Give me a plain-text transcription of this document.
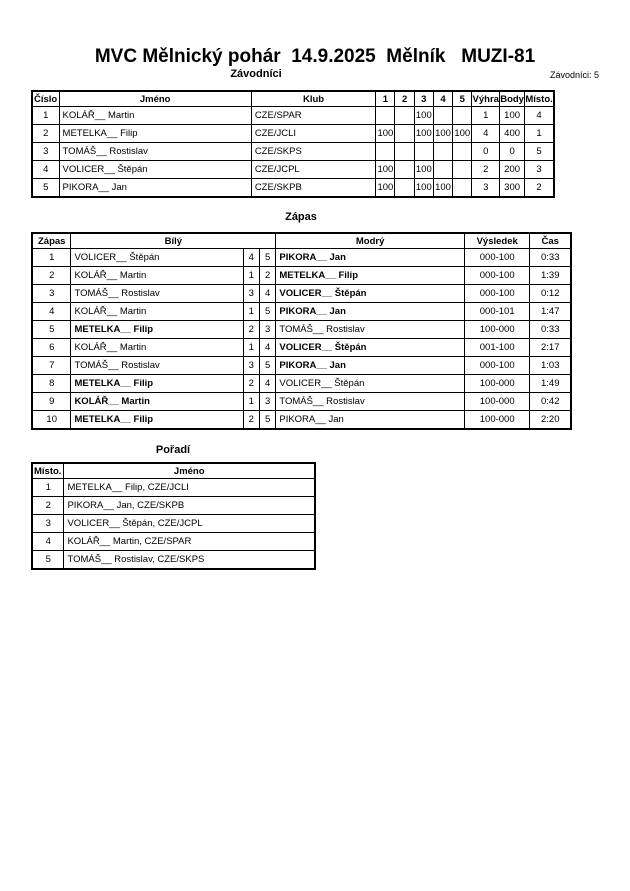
MVC Mělnický pohár  14.9.2025  Mělník   MUZI-81
Závodníci	Závodníci: 5
Číslo	Jméno	Klub	1	2	3	4	5	Výhra	Body	Místo.
1	KOLÁŘ__ Martin	CZE/SPAR			100			1	100	4
2	METELKA__ Filip	CZE/JCLI	100		100	100	100	4	400	1
3	TOMÁŠ__ Rostislav	CZE/SKPS						0	0	5
4	VOLICER__ Štěpán	CZE/JCPL	100		100			2	200	3
5	PIKORA__ Jan	CZE/SKPB	100		100	100		3	300	2
Zápas
Zápas	Bílý			Modrý	Výsledek	Čas
1	VOLICER__ Štěpán	4	5	PIKORA__ Jan	000-100	0:33
2	KOLÁŘ__ Martin	1	2	METELKA__ Filip	000-100	1:39
3	TOMÁŠ__ Rostislav	3	4	VOLICER__ Štěpán	000-100	0:12
4	KOLÁŘ__ Martin	1	5	PIKORA__ Jan	000-101	1:47
5	METELKA__ Filip	2	3	TOMÁŠ__ Rostislav	100-000	0:33
6	KOLÁŘ__ Martin	1	4	VOLICER__ Štěpán	001-100	2:17
7	TOMÁŠ__ Rostislav	3	5	PIKORA__ Jan	000-100	1:03
8	METELKA__ Filip	2	4	VOLICER__ Štěpán	100-000	1:49
9	KOLÁŘ__ Martin	1	3	TOMÁŠ__ Rostislav	100-000	0:42
10	METELKA__ Filip	2	5	PIKORA__ Jan	100-000	2:20
Pořadí
Místo.	Jméno
1	METELKA__ Filip, CZE/JCLI
2	PIKORA__ Jan, CZE/SKPB
3	VOLICER__ Štěpán, CZE/JCPL
4	KOLÁŘ__ Martin, CZE/SPAR
5	TOMÁŠ__ Rostislav, CZE/SKPS
